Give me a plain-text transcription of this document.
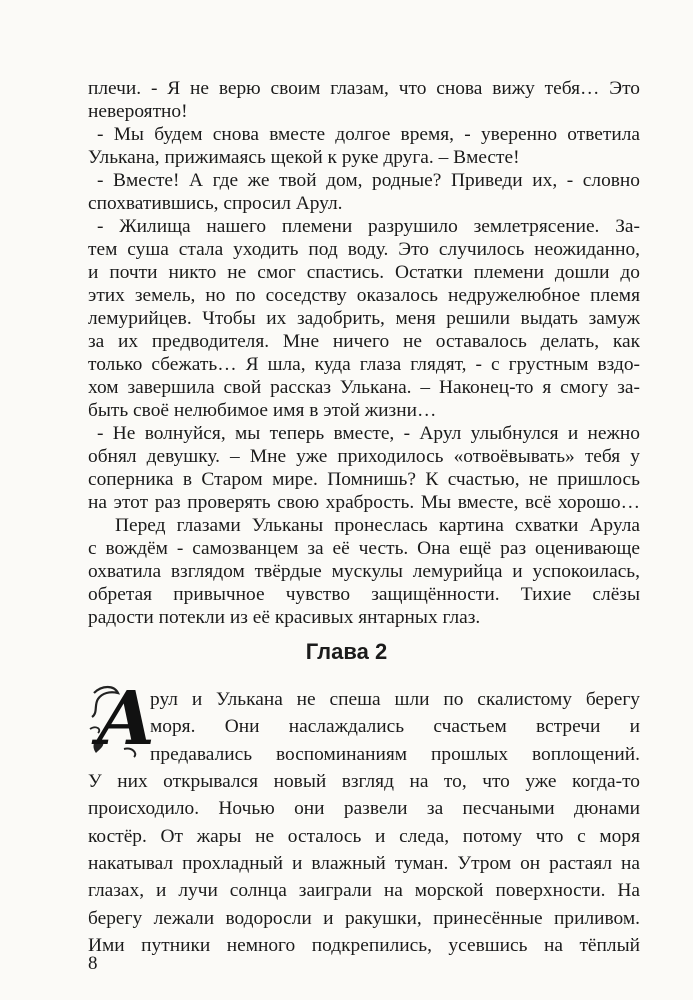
плечи. - Я не верю своим глазам, что снова вижу тебя… Это
невероятно!
- Мы будем снова вместе долгое время, - уверенно ответила
Улькана, прижимаясь щекой к руке друга. – Вместе!
- Вместе! А где же твой дом, родные? Приведи их, - словно
спохватившись, спросил Арул.
- Жилища нашего племени разрушило землетрясение. За-
тем суша стала уходить под воду. Это случилось неожиданно,
и почти никто не смог спастись. Остатки племени дошли до
этих земель, но по соседству оказалось недружелюбное племя
лемурийцев. Чтобы их задобрить, меня решили выдать замуж
за их предводителя. Мне ничего не оставалось делать, как
только сбежать… Я шла, куда глаза глядят, - с грустным вздо-
хом завершила свой рассказ Улькана. – Наконец-то я смогу за-
быть своё нелюбимое имя в этой жизни…
- Не волнуйся, мы теперь вместе, - Арул улыбнулся и нежно
обнял девушку. – Мне уже приходилось «отвоёвывать» тебя у
соперника в Старом мире. Помнишь? К счастью, не пришлось
на этот раз проверять свою храбрость. Мы вместе, всё хорошо…
Перед глазами Ульканы пронеслась картина схватки Арула
с вождём - самозванцем за её честь. Она ещё раз оценивающе
охватила взглядом твёрдые мускулы лемурийца и успокоилась,
обретая привычное чувство защищённости. Тихие слёзы
радости потекли из её красивых янтарных глаз.
8
Глава 2
А
рул и Улькана не спеша шли по скалистому берегу
моря. Они наслаждались счастьем встречи и
предавались воспоминаниям прошлых воплощений.
У них открывался новый взгляд на то, что уже когда-то
происходило. Ночью они развели за песчаными дюнами
костёр. От жары не осталось и следа, потому что с моря
накатывал прохладный и влажный туман. Утром он растаял на
глазах, и лучи солнца заиграли на морской поверхности. На
берегу лежали водоросли и ракушки, принесённые приливом.
Ими путники немного подкрепились, усевшись на тёплый
